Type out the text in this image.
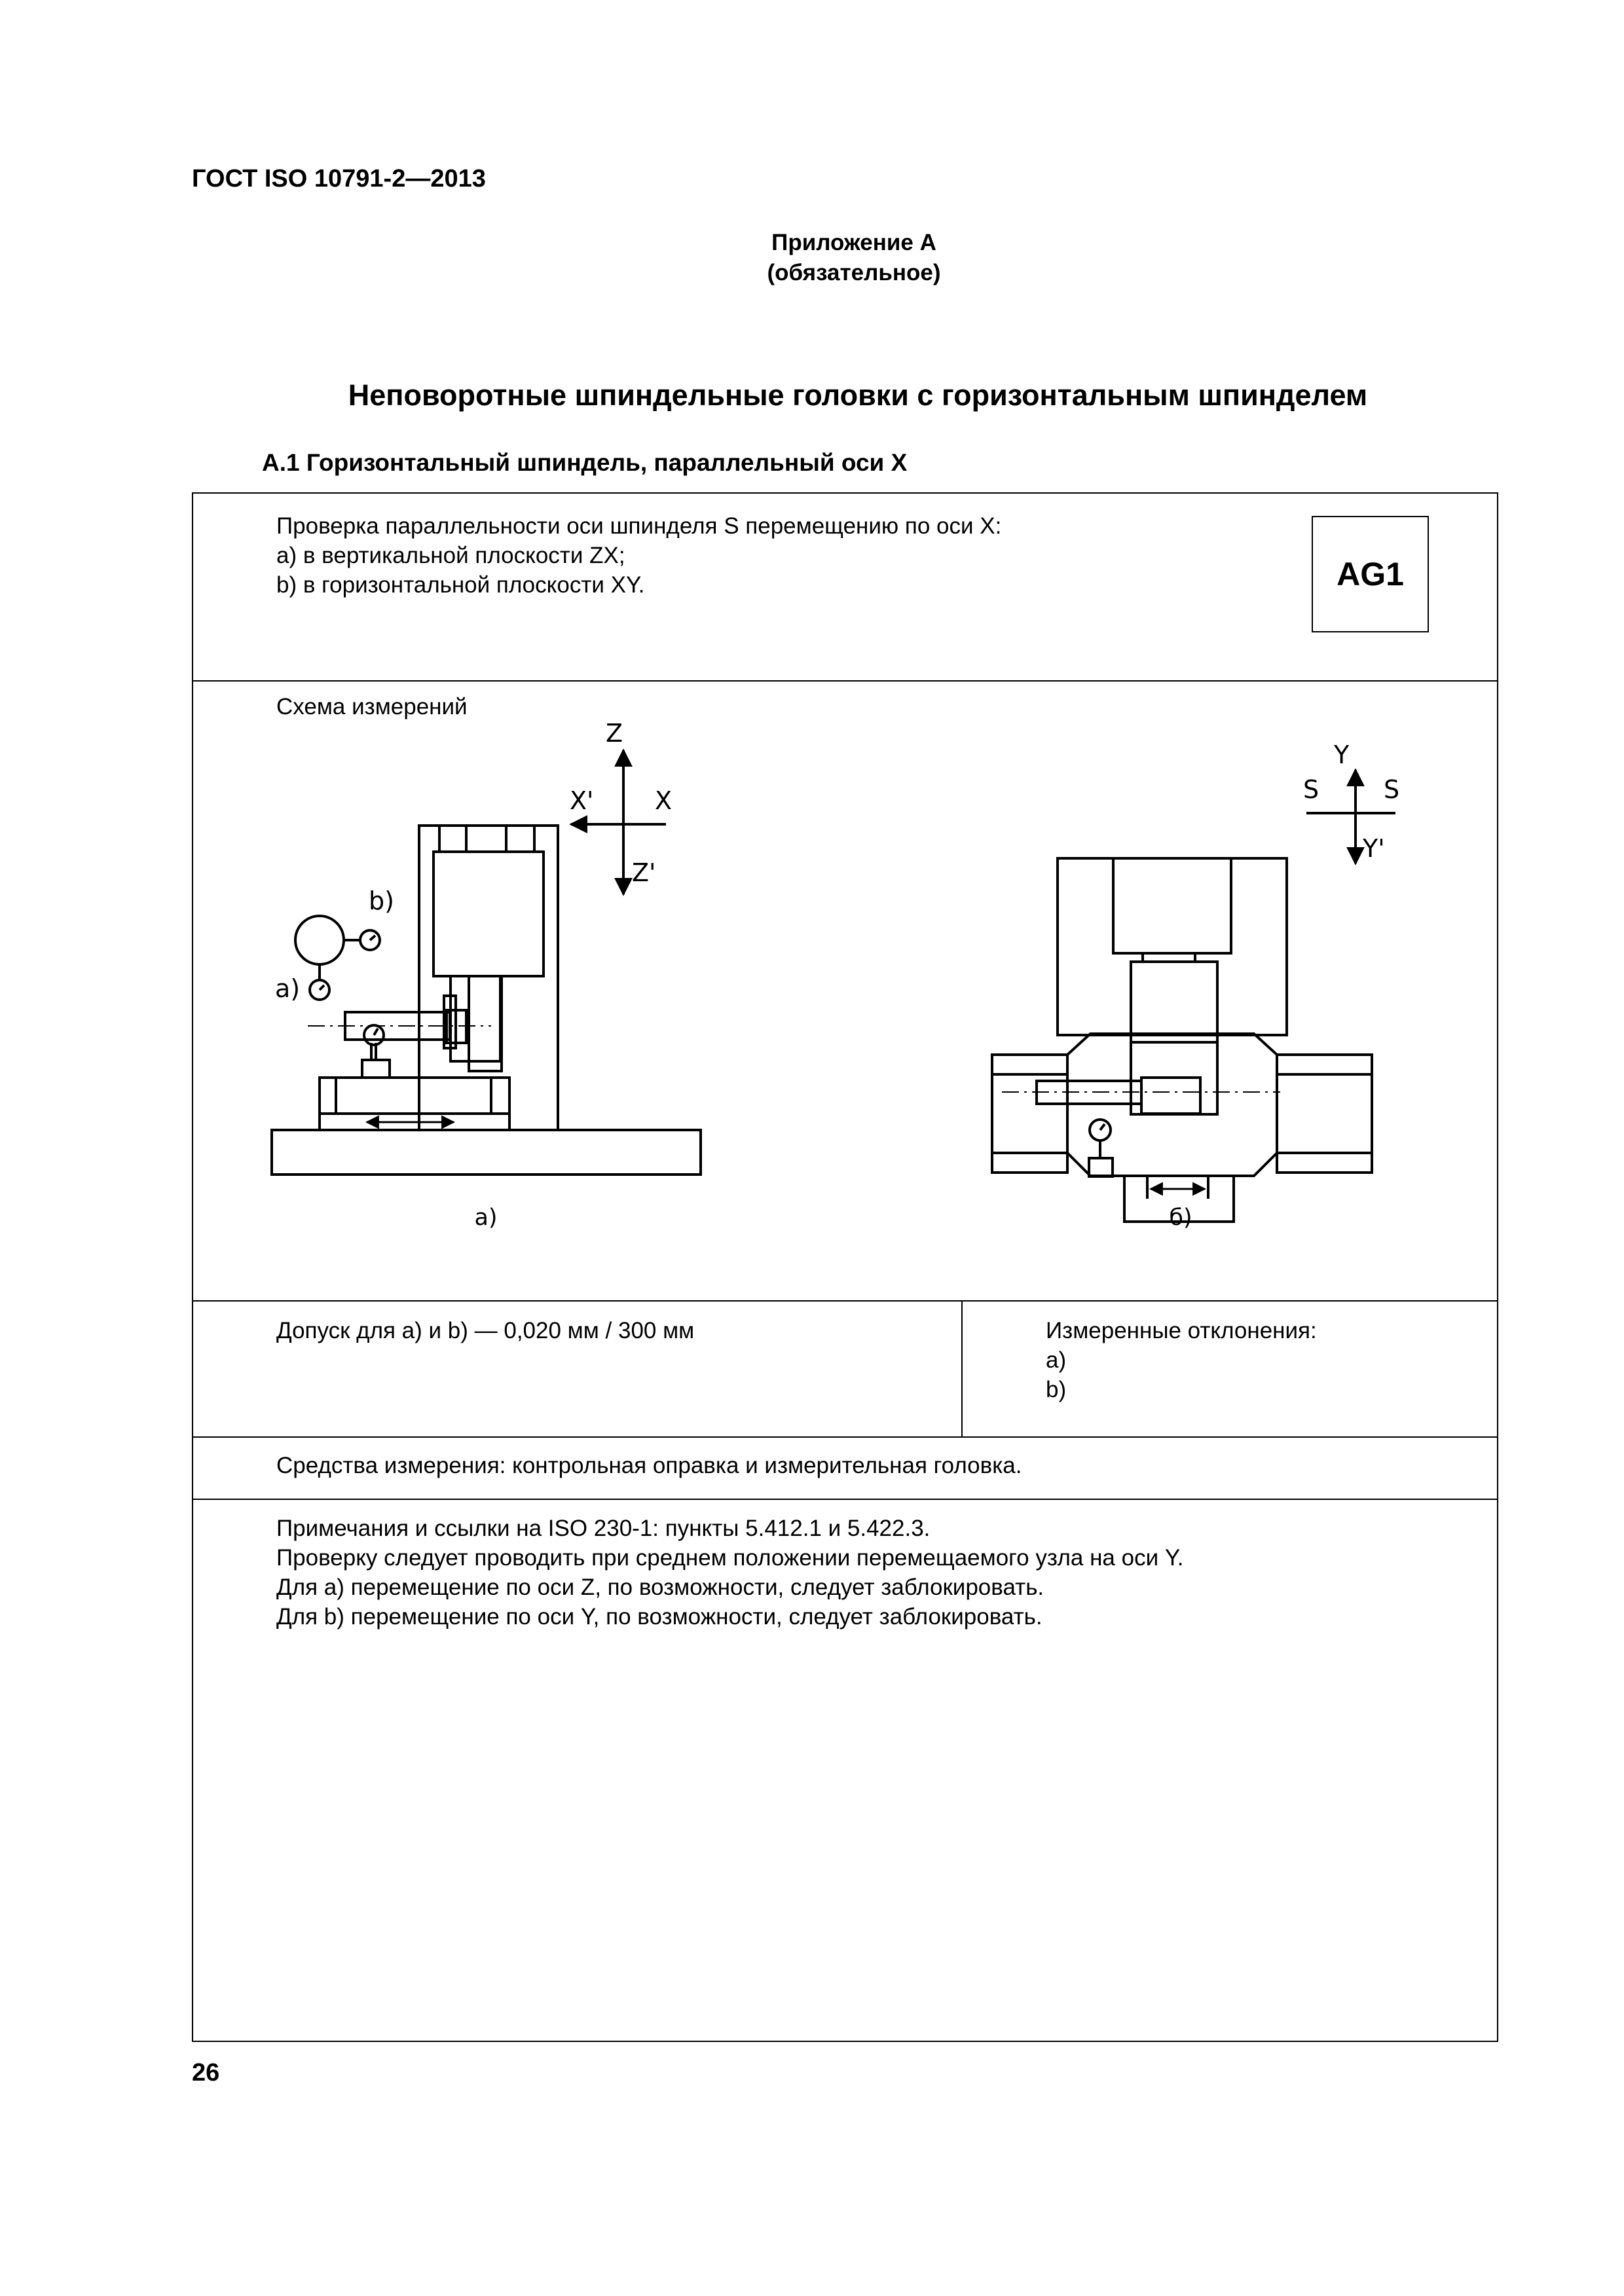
ГОСТ ISO 10791-2—2013
Приложение А
(обязательное)
Неповоротные шпиндельные головки с горизонтальным шпинделем
А.1 Горизонтальный шпиндель, параллельный оси X
Проверка параллельности оси шпинделя S перемещению по оси X:
a) в вертикальной плоскости ZX;
b) в горизонтальной плоскости XY.	AG1
Схема измерений
Z
X' X
Z'
b)
a)
а)
Y
S	S
Y'
б)
Допуск для а) и b) — 0,020 мм / 300 мм	Измеренные отклонения:
а)
b)
Средства измерения: контрольная оправка и измерительная головка.
Примечания и ссылки на ISO 230-1: пункты 5.412.1 и 5.422.3.
Проверку следует проводить при среднем положении перемещаемого узла на оси Y.
Для а) перемещение по оси Z, по возможности, следует заблокировать.
Для b) перемещение по оси Y, по возможности, следует заблокировать.
26
